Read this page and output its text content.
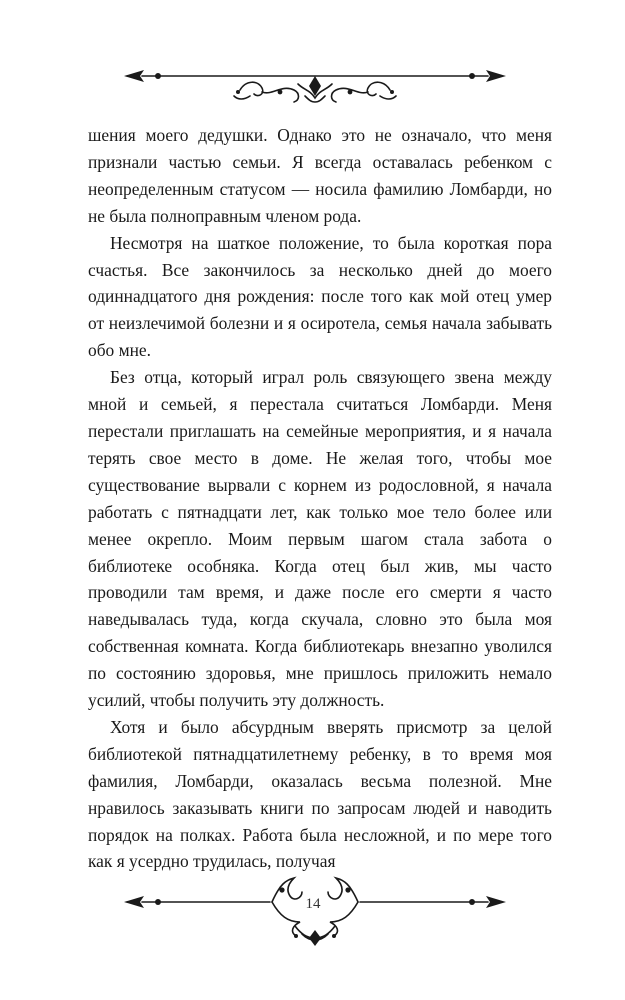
шения моего дедушки. Однако это не означало, что меня признали частью семьи. Я всегда оставалась ребенком с неопределенным статусом — носила фамилию Ломбарди, но не была полноправным членом рода.

Несмотря на шаткое положение, то была короткая пора счастья. Все закончилось за несколько дней до моего одиннадцатого дня рождения: после того как мой отец умер от неизлечимой болезни и я осиротела, семья начала забывать обо мне.

Без отца, который играл роль связующего звена между мной и семьей, я перестала считаться Ломбарди. Меня перестали приглашать на семейные мероприятия, и я начала терять свое место в доме. Не желая того, чтобы мое существование вырвали с корнем из родословной, я начала работать с пятнадцати лет, как только мое тело более или менее окрепло. Моим первым шагом стала забота о библиотеке особняка. Когда отец был жив, мы часто проводили там время, и даже после его смерти я часто наведывалась туда, когда скучала, словно это была моя собственная комната. Когда библиотекарь внезапно уволился по состоянию здоровья, мне пришлось приложить немало усилий, чтобы получить эту должность.

Хотя и было абсурдным вверять присмотр за целой библиотекой пятнадцатилетнему ребенку, в то время моя фамилия, Ломбарди, оказалась весьма полезной. Мне нравилось заказывать книги по запросам людей и наводить порядок на полках. Работа была несложной, и по мере того как я усердно трудилась, получая

14
